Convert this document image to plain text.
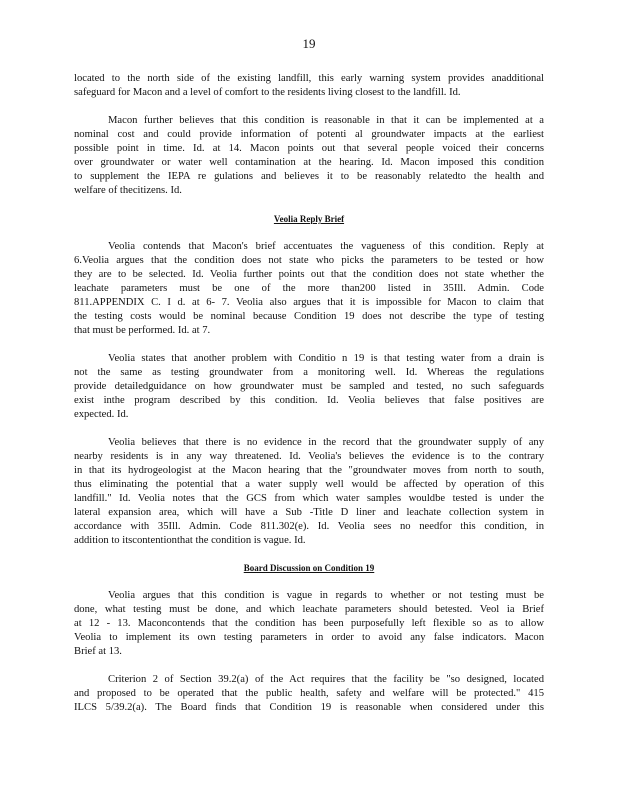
19
located to the north side of the existing landfill, this early warning system provides anadditional
safeguard for Macon and a level of comfort to the residents living closest to the landfill. Id.
Macon further believes that this condition is reasonable in that it can be implemented at a
nominal cost and could provide information of potenti al groundwater impacts at the earliest
possible point in time. Id. at 14. Macon points out that several people voiced their concerns
over groundwater or water well contamination at the hearing. Id. Macon imposed this condition
to supplement the IEPA re gulations and believes it to be reasonably relatedto the health and
welfare of thecitizens. Id.
Veolia Reply Brief
Veolia contends that Macon's brief accentuates the vagueness of this condition. Reply at
6.Veolia argues that the condition does not state who picks the parameters to be tested or how
they are to be selected. Id. Veolia further points out that the condition does not state whether the
leachate parameters must be one of the more than200 listed in 35Ill. Admin. Code
811.APPENDIX C. I d. at 6- 7. Veolia also argues that it is impossible for Macon to claim that
the testing costs would be nominal because Condition 19 does not describe the type of testing
that must be performed. Id. at 7.
Veolia states that another problem with Conditio n 19 is that testing water from a drain is
not the same as testing groundwater from a monitoring well. Id. Whereas the regulations
provide detailedguidance on how groundwater must be sampled and tested, no such safeguards
exist inthe program described by this condition. Id. Veolia believes that false positives are
expected. Id.
Veolia believes that there is no evidence in the record that the groundwater supply of any
nearby residents is in any way threatened. Id. Veolia's believes the evidence is to the contrary
in that its hydrogeologist at the Macon hearing that the "groundwater moves from north to south,
thus eliminating the potential that a water supply well would be affected by operation of this
landfill." Id. Veolia notes that the GCS from which water samples wouldbe tested is under the
lateral expansion area, which will have a Sub -Title D liner and leachate collection system in
accordance with 35Ill. Admin. Code 811.302(e). Id. Veolia sees no needfor this condition, in
addition to itscontentionthat the condition is vague. Id.
Board Discussion on Condition 19
Veolia argues that this condition is vague in regards to whether or not testing must be
done, what testing must be done, and which leachate parameters should betested. Veol ia Brief
at 12 - 13. Maconcontends that the condition has been purposefully left flexible so as to allow
Veolia to implement its own testing parameters in order to avoid any false indicators. Macon
Brief at 13.
Criterion 2 of Section 39.2(a) of the Act requires that the facility be "so designed, located
and proposed to be operated that the public health, safety and welfare will be protected." 415
ILCS 5/39.2(a). The Board finds that Condition 19 is reasonable when considered under this
